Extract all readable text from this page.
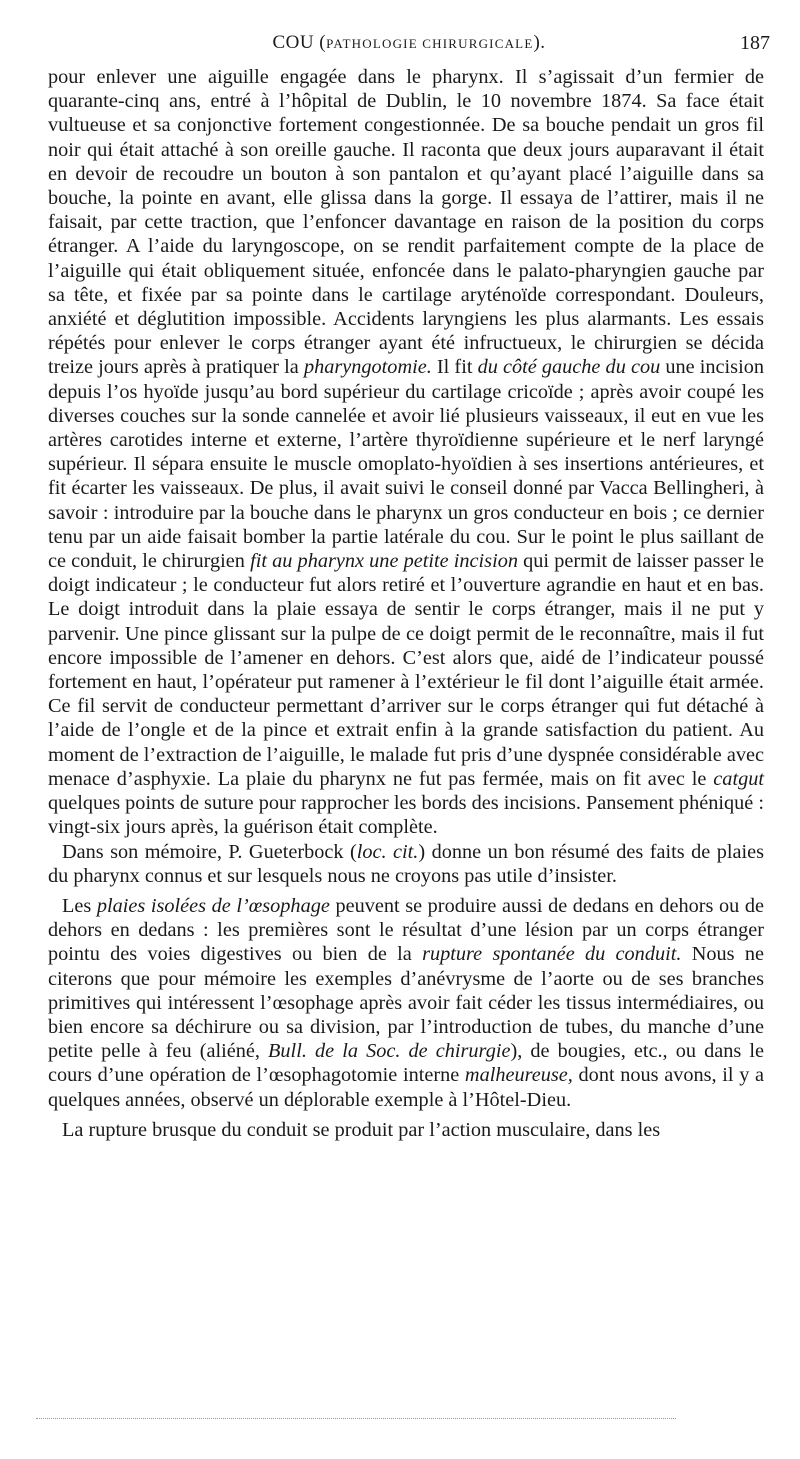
COU (PATHOLOGIE CHIRURGICALE).	187

pour enlever une aiguille engagée dans le pharynx. Il s’agissait d’un fermier de quarante-cinq ans, entré à l’hôpital de Dublin, le 10 novembre 1874. Sa face était vultueuse et sa conjonctive fortement congestionnée. De sa bouche pendait un gros fil noir qui était attaché à son oreille gauche. Il raconta que deux jours auparavant il était en devoir de recoudre un bouton à son pantalon et qu’ayant placé l’aiguille dans sa bouche, la pointe en avant, elle glissa dans la gorge. Il essaya de l’attirer, mais il ne faisait, par cette traction, que l’enfoncer davantage en raison de la position du corps étranger. A l’aide du laryngoscope, on se rendit parfaitement compte de la place de l’aiguille qui était obliquement située, enfoncée dans le palato-pharyngien gauche par sa tête, et fixée par sa pointe dans le cartilage aryténoïde correspondant. Douleurs, anxiété et déglutition impossible. Accidents laryngiens les plus alarmants. Les essais répétés pour enlever le corps étranger ayant été infructueux, le chirurgien se décida treize jours après à pratiquer la pharyngotomie. Il fit du côté gauche du cou une incision depuis l’os hyoïde jusqu’au bord supérieur du cartilage cricoïde ; après avoir coupé les diverses couches sur la sonde cannelée et avoir lié plusieurs vaisseaux, il eut en vue les artères carotides interne et externe, l’artère thyroïdienne supérieure et le nerf laryngé supérieur. Il sépara ensuite le muscle omoplato-hyoïdien à ses insertions antérieures, et fit écarter les vaisseaux. De plus, il avait suivi le conseil donné par Vacca Bellingheri, à savoir : introduire par la bouche dans le pharynx un gros conducteur en bois ; ce dernier tenu par un aide faisait bomber la partie latérale du cou. Sur le point le plus saillant de ce conduit, le chirurgien fit au pharynx une petite incision qui permit de laisser passer le doigt indicateur ; le conducteur fut alors retiré et l’ouverture agrandie en haut et en bas. Le doigt introduit dans la plaie essaya de sentir le corps étranger, mais il ne put y parvenir. Une pince glissant sur la pulpe de ce doigt permit de le reconnaître, mais il fut encore impossible de l’amener en dehors. C’est alors que, aidé de l’indicateur poussé fortement en haut, l’opérateur put ramener à l’extérieur le fil dont l’aiguille était armée. Ce fil servit de conducteur permettant d’arriver sur le corps étranger qui fut détaché à l’aide de l’ongle et de la pince et extrait enfin à la grande satisfaction du patient. Au moment de l’extraction de l’aiguille, le malade fut pris d’une dyspnée considérable avec menace d’asphyxie. La plaie du pharynx ne fut pas fermée, mais on fit avec le catgut quelques points de suture pour rapprocher les bords des incisions. Pansement phéniqué : vingt-six jours après, la guérison était complète.

Dans son mémoire, P. Gueterbock (loc. cit.) donne un bon résumé des faits de plaies du pharynx connus et sur lesquels nous ne croyons pas utile d’insister.

Les plaies isolées de l’œsophage peuvent se produire aussi de dedans en dehors ou de dehors en dedans : les premières sont le résultat d’une lésion par un corps étranger pointu des voies digestives ou bien de la rupture spontanée du conduit. Nous ne citerons que pour mémoire les exemples d’anévrysme de l’aorte ou de ses branches primitives qui intéressent l’œsophage après avoir fait céder les tissus intermédiaires, ou bien encore sa déchirure ou sa division, par l’introduction de tubes, du manche d’une petite pelle à feu (aliéné, Bull. de la Soc. de chirurgie), de bougies, etc., ou dans le cours d’une opération de l’œsophagotomie interne malheureuse, dont nous avons, il y a quelques années, observé un déplorable exemple à l’Hôtel-Dieu.

La rupture brusque du conduit se produit par l’action musculaire, dans les
